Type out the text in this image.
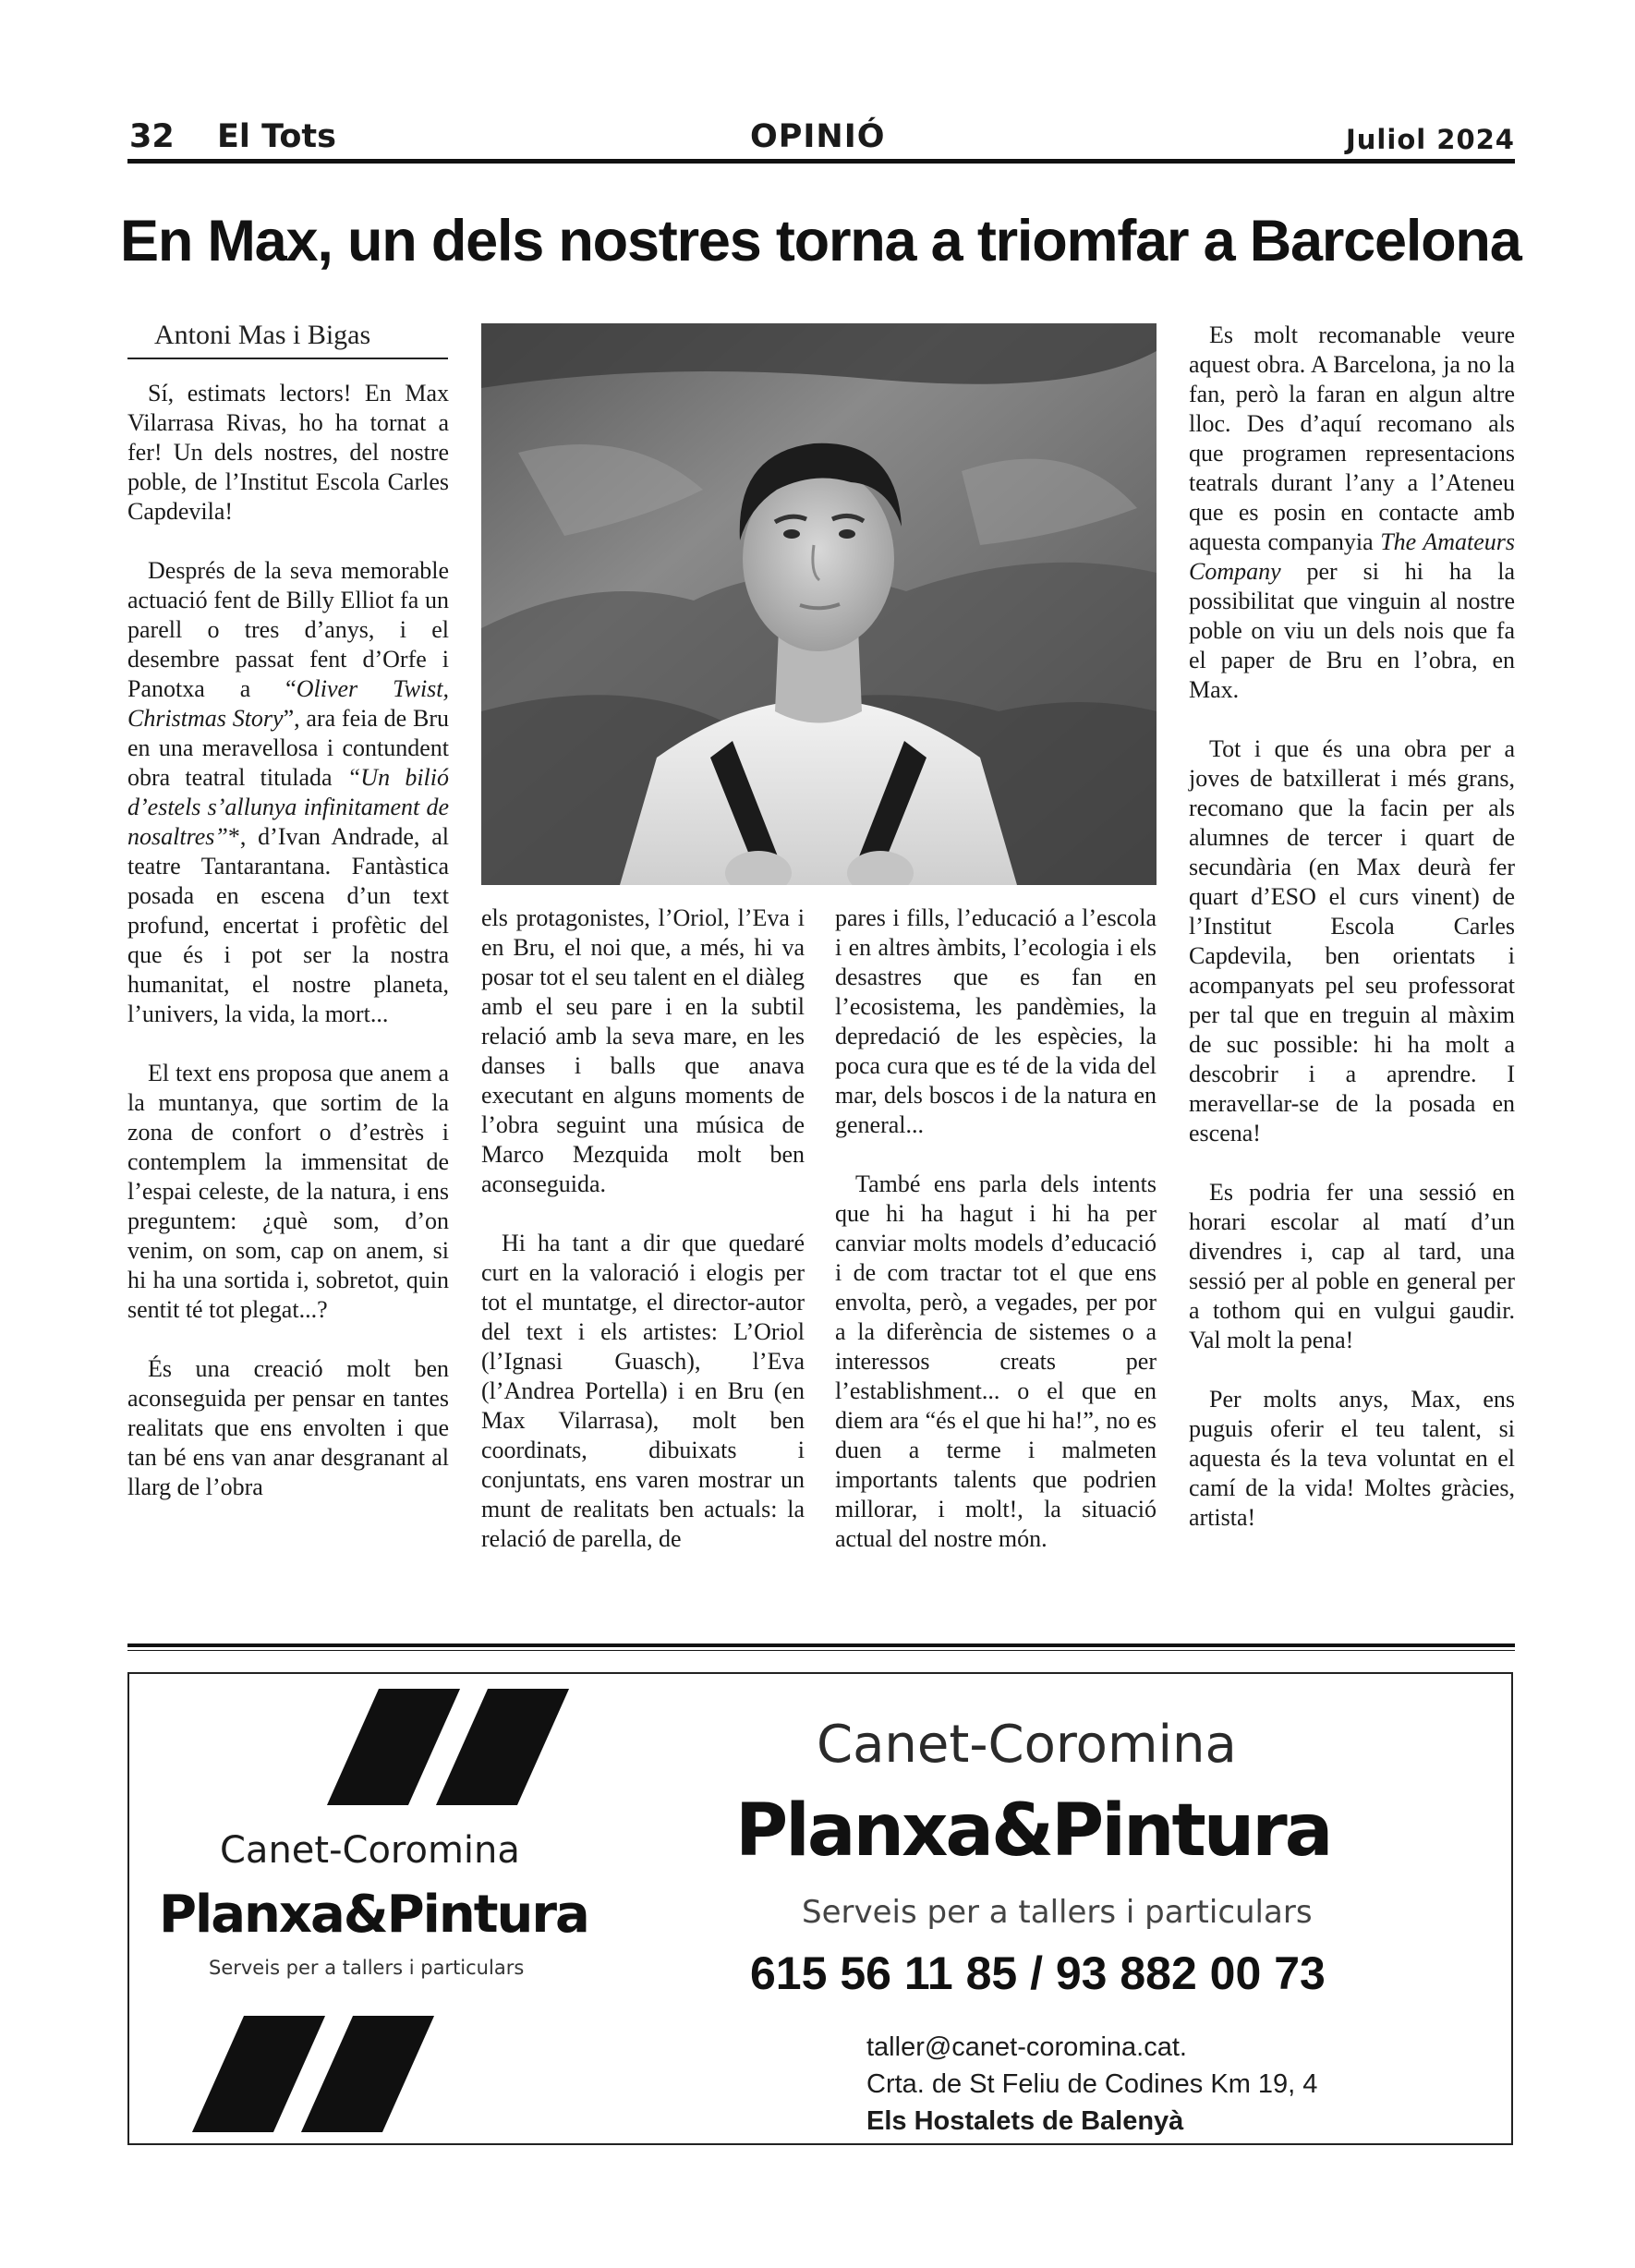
32 El Tots	OPINIÓ	Juliol 2024
En Max, un dels nostres torna a triomfar a Barcelona
Antoni Mas i Bigas

Sí, estimats lectors! En Max Vilarrasa Rivas, ho ha tornat a fer! Un dels nostres, del nostre poble, de l’Institut Escola Carles Capdevila!

Després de la seva memorable actuació fent de Billy Elliot fa un parell o tres d’anys, i el desembre passat fent d’Orfe i Panotxa a “Oliver Twist, Christmas Story”, ara feia de Bru en una meravellosa i contundent obra teatral titulada “Un bilió d’estels s’allunya infinitament de nosaltres”*, d’Ivan Andrade, al teatre Tantarantana. Fantàstica posada en escena d’un text profund, encertat i profètic del que és i pot ser la nostra humanitat, el nostre planeta, l’univers, la vida, la mort...

El text ens proposa que anem a la muntanya, que sortim de la zona de confort o d’estrès i contemplem la immensitat de l’espai celeste, de la natura, i ens preguntem: ¿què som, d’on venim, on som, cap on anem, si hi ha una sortida i, sobretot, quin sentit té tot plegat...?

És una creació molt ben aconseguida per pensar en tantes realitats que ens envolten i que tan bé ens van anar desgranant al llarg de l’obra

els protagonistes, l’Oriol, l’Eva i en Bru, el noi que, a més, hi va posar tot el seu talent en el diàleg amb el seu pare i en la subtil relació amb la seva mare, en les danses i balls que anava executant en alguns moments de l’obra seguint una música de Marco Mezquida molt ben aconseguida.

Hi ha tant a dir que quedaré curt en la valoració i elogis per tot el muntatge, el director-autor del text i els artistes: L’Oriol (l’Ignasi Guasch), l’Eva (l’Andrea Portella) i en Bru (en Max Vilarrasa), molt ben coordinats, dibuixats i conjuntats, ens varen mostrar un munt de realitats ben actuals: la relació de parella, de

pares i fills, l’educació a l’escola i en altres àmbits, l’ecologia i els desastres que es fan en l’ecosistema, les pandèmies, la depredació de les espècies, la poca cura que es té de la vida del mar, dels boscos i de la natura en general...

També ens parla dels intents que hi ha hagut i hi ha per canviar molts models d’educació i de com tractar tot el que ens envolta, però, a vegades, per por a la diferència de sistemes o a interessos creats per l’establishment... o el que en diem ara “és el que hi ha!”, no es duen a terme i malmeten importants talents que podrien millorar, i molt!, la situació actual del nostre món.

Es molt recomanable veure aquest obra. A Barcelona, ja no la fan, però la faran en algun altre lloc. Des d’aquí recomano als que programen representacions teatrals durant l’any a l’Ateneu que es posin en contacte amb aquesta companyia The Amateurs Company per si hi ha la possibilitat que vinguin al nostre poble on viu un dels nois que fa el paper de Bru en l’obra, en Max.

Tot i que és una obra per a joves de batxillerat i més grans, recomano que la facin per als alumnes de tercer i quart de secundària (en Max deurà fer quart d’ESO el curs vinent) de l’Institut Escola Carles Capdevila, ben orientats i acompanyats pel seu professorat per tal que en treguin al màxim de suc possible: hi ha molt a descobrir i a aprendre. I meravellar-se de la posada en escena!

Es podria fer una sessió en horari escolar al matí d’un divendres i, cap al tard, una sessió per al poble en general per a tothom qui en vulgui gaudir. Val molt la pena!

Per molts anys, Max, ens puguis oferir el teu talent, si aquesta és la teva voluntat en el camí de la vida! Moltes gràcies, artista!

Canet-Coromina
Planxa&Pintura
Serveis per a tallers i particulars
Canet-Coromina
Planxa&Pintura
Serveis per a tallers i particulars
615 56 11 85 / 93 882 00 73
taller@canet-coromina.cat.
Crta. de St Feliu de Codines Km 19, 4
Els Hostalets de Balenyà
